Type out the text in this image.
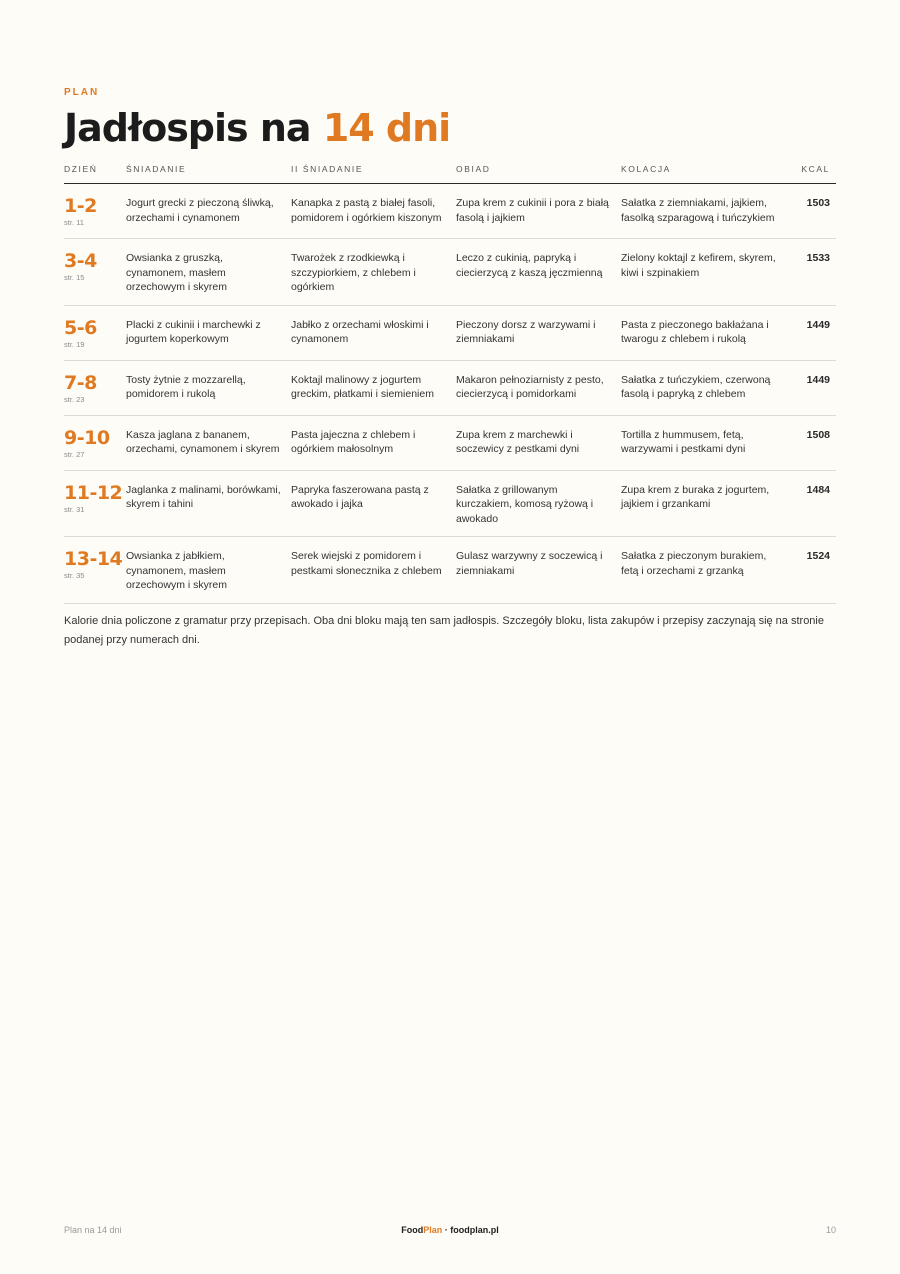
PLAN
Jadłospis na 14 dni
DZIEŃ	ŚNIADANIE	II ŚNIADANIE	OBIAD	KOLACJA	KCAL

1-2
str. 11	Jogurt grecki z pieczoną śliwką, orzechami i cynamonem	Kanapka z pastą z białej fasoli, pomidorem i ogórkiem kiszonym	Zupa krem z cukinii i pora z białą fasolą i jajkiem	Sałatka z ziemniakami, jajkiem, fasolką szparagową i tuńczykiem	1503

3-4
str. 15	Owsianka z gruszką, cynamonem, masłem orzechowym i skyrem	Twarożek z rzodkiewką i szczypiorkiem, z chlebem i ogórkiem	Leczo z cukinią, papryką i ciecierzycą z kaszą jęczmienną	Zielony koktajl z kefirem, skyrem, kiwi i szpinakiem	1533

5-6
str. 19	Placki z cukinii i marchewki z jogurtem koperkowym	Jabłko z orzechami włoskimi i cynamonem	Pieczony dorsz z warzywami i ziemniakami	Pasta z pieczonego bakłażana i twarogu z chlebem i rukolą	1449

7-8
str. 23	Tosty żytnie z mozzarellą, pomidorem i rukolą	Koktajl malinowy z jogurtem greckim, płatkami i siemieniem	Makaron pełnoziarnisty z pesto, ciecierzycą i pomidorkami	Sałatka z tuńczykiem, czerwoną fasolą i papryką z chlebem	1449

9-10
str. 27	Kasza jaglana z bananem, orzechami, cynamonem i skyrem	Pasta jajeczna z chlebem i ogórkiem małosolnym	Zupa krem z marchewki i soczewicy z pestkami dyni	Tortilla z hummusem, fetą, warzywami i pestkami dyni	1508

11-12
str. 31	Jaglanka z malinami, borówkami, skyrem i tahini	Papryka faszerowana pastą z awokado i jajka	Sałatka z grillowanym kurczakiem, komosą ryżową i awokado	Zupa krem z buraka z jogurtem, jajkiem i grzankami	1484

13-14
str. 35	Owsianka z jabłkiem, cynamonem, masłem orzechowym i skyrem	Serek wiejski z pomidorem i pestkami słonecznika z chlebem	Gulasz warzywny z soczewicą i ziemniakami	Sałatka z pieczonym burakiem, fetą i orzechami z grzanką	1524

Kalorie dnia policzone z gramatur przy przepisach. Oba dni bloku mają ten sam jadłospis. Szczegóły bloku, lista zakupów i przepisy zaczynają się na stronie podanej przy numerach dni.

Plan na 14 dni	FoodPlan · foodplan.pl	10
